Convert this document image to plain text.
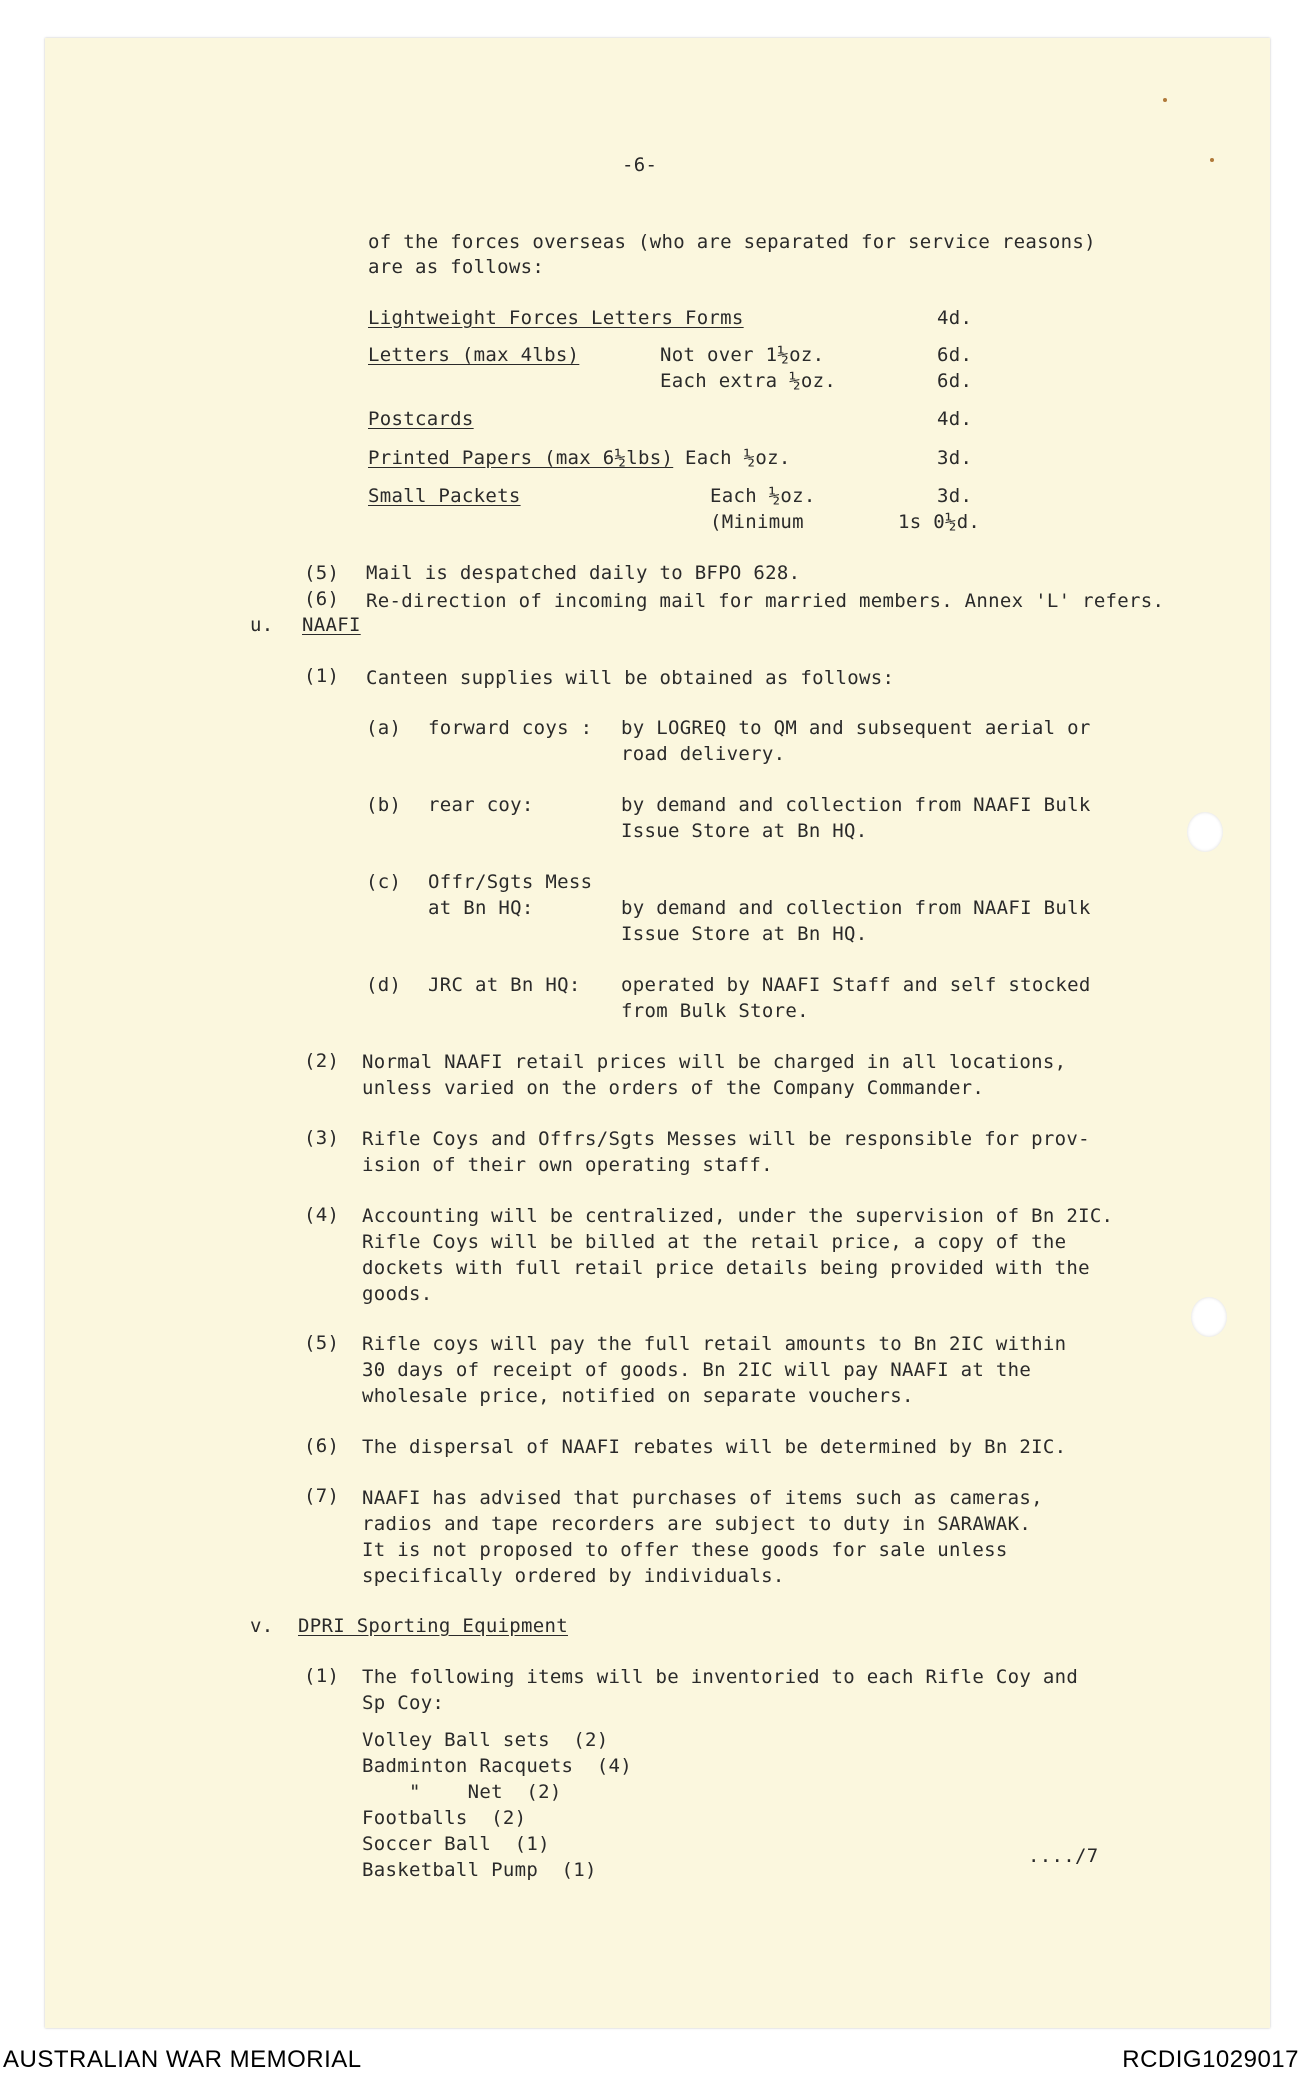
-6-
of the forces overseas (who are separated for service reasons)
are as follows:
Lightweight Forces Letters Forms	4d.
Letters (max 4lbs)	Not over 1½oz.	6d.
Each extra ½oz.	6d.
Postcards	4d.
Printed Papers (max 6½lbs) Each ½oz.	3d.
Small Packets	Each ½oz.	3d.
(Minimum	1s 0½d.
(5) Mail is despatched daily to BFPO 628.
(6) Re-direction of incoming mail for married members. Annex 'L' refers.
u. NAAFI
(1) Canteen supplies will be obtained as follows:
(a) forward coys : by LOGREQ to QM and subsequent aerial or
road delivery.
(b) rear coy:	by demand and collection from NAAFI Bulk
Issue Store at Bn HQ.
(c) Offr/Sgts Mess
at Bn HQ:	by demand and collection from NAAFI Bulk
Issue Store at Bn HQ.
(d) JRC at Bn HQ: operated by NAAFI Staff and self stocked
from Bulk Store.
(2) Normal NAAFI retail prices will be charged in all locations,
unless varied on the orders of the Company Commander.
(3) Rifle Coys and Offrs/Sgts Messes will be responsible for prov-
ision of their own operating staff.
(4) Accounting will be centralized, under the supervision of Bn 2IC.
Rifle Coys will be billed at the retail price, a copy of the
dockets with full retail price details being provided with the
goods.
(5) Rifle coys will pay the full retail amounts to Bn 2IC within
30 days of receipt of goods. Bn 2IC will pay NAAFI at the
wholesale price, notified on separate vouchers.
(6) The dispersal of NAAFI rebates will be determined by Bn 2IC.
(7) NAAFI has advised that purchases of items such as cameras,
radios and tape recorders are subject to duty in SARAWAK.
It is not proposed to offer these goods for sale unless
specifically ordered by individuals.
v. DPRI Sporting Equipment
(1) The following items will be inventoried to each Rifle Coy and
Sp Coy:
Volley Ball sets  (2)
Badminton Racquets  (4)
"    Net  (2)
Footballs  (2)
Soccer Ball  (1)
Basketball Pump  (1)
..../7
AUSTRALIAN WAR MEMORIAL	RCDIG1029017
